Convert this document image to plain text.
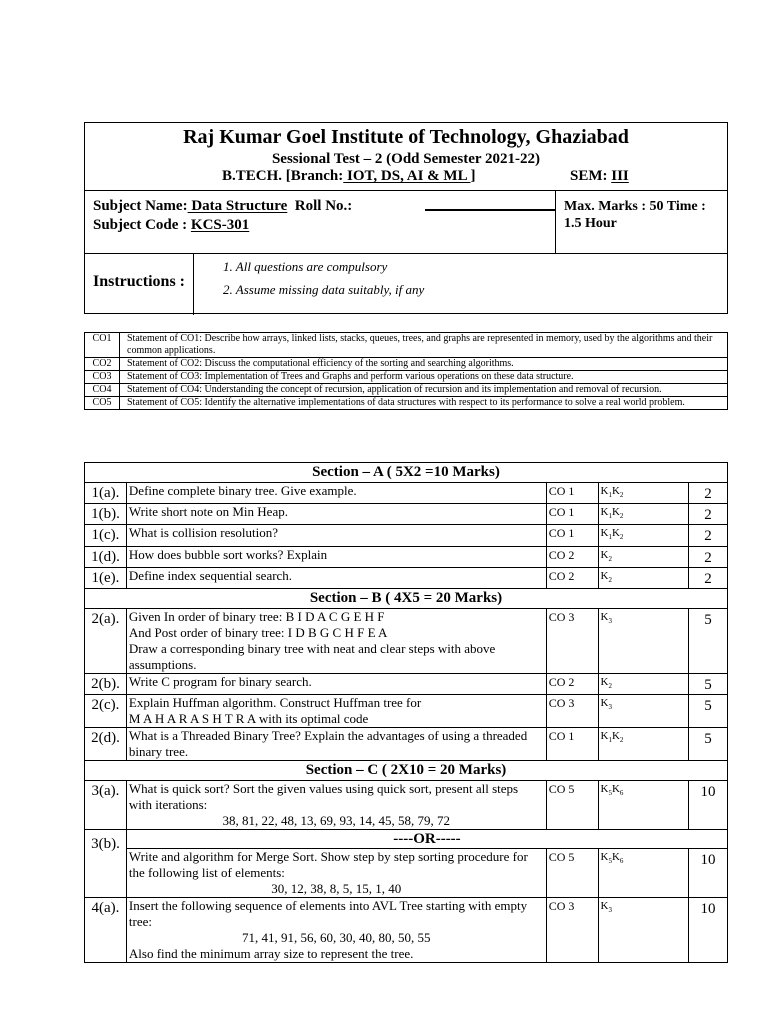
Raj Kumar Goel Institute of Technology, Ghaziabad
Sessional Test – 2 (Odd Semester 2021-22)
B.TECH. [Branch: IOT, DS, AI & ML ]	SEM: III
Subject Name: Data Structure Roll No.:
Subject Code : KCS-301
Max. Marks : 50 Time : 1.5 Hour
Instructions :
1. All questions are compulsory
2. Assume missing data suitably, if any
CO1	Statement of CO1: Describe how arrays, linked lists, stacks, queues, trees, and graphs are represented in memory, used by the algorithms and their common applications.
CO2	Statement of CO2: Discuss the computational efficiency of the sorting and searching algorithms.
CO3	Statement of CO3: Implementation of Trees and Graphs and perform various operations on these data structure.
CO4	Statement of CO4: Understanding the concept of recursion, application of recursion and its implementation and removal of recursion.
CO5	Statement of CO5: Identify the alternative implementations of data structures with respect to its performance to solve a real world problem.
Section – A ( 5X2 =10 Marks)				
1(a).	Define complete binary tree. Give example.	CO 1	$K_1K_2$	2
1(b).	Write short note on Min Heap.	CO 1	$K_1K_2$	2
1(c).	What is collision resolution?	CO 1	$K_1K_2$	2
1(d).	How does bubble sort works? Explain	CO 2	$K_2$	2
1(e).	Define index sequential search.	CO 2	$K_2$	2
Section – B ( 4X5 = 20 Marks)				
2(a).	Given In order of binary tree: B I D A C G E H F
And Post order of binary tree: I D B G C H F E A
Draw a corresponding binary tree with neat and clear steps with above assumptions.	CO 3	$K_3$	5
2(b).	Write C program for binary search.	CO 2	$K_2$	5
2(c).	Explain Huffman algorithm. Construct Huffman tree for
M A H A R A S H T R A with its optimal code	CO 3	$K_3$	5
2(d).	What is a Threaded Binary Tree? Explain the advantages of using a threaded binary tree.	CO 1	$K_1K_2$	5
Section – C ( 2X10 = 20 Marks)				
3(a).	What is quick sort? Sort the given values using quick sort, present all steps with iterations:
38, 81, 22, 48, 13, 69, 93, 14, 45, 58, 79, 72	CO 5	$K_5K_6$	10
3(b).	----OR-----			

	Write and algorithm for Merge Sort. Show step by step sorting procedure for the following list of elements:
30, 12, 38, 8, 5, 15, 1, 40	CO 5	$K_5K_6$	10
4(a).	Insert the following sequence of elements into AVL Tree starting with empty tree:
71, 41, 91, 56, 60, 30, 40, 80, 50, 55
Also find the minimum array size to represent the tree.	CO 3	$K_3$	10
